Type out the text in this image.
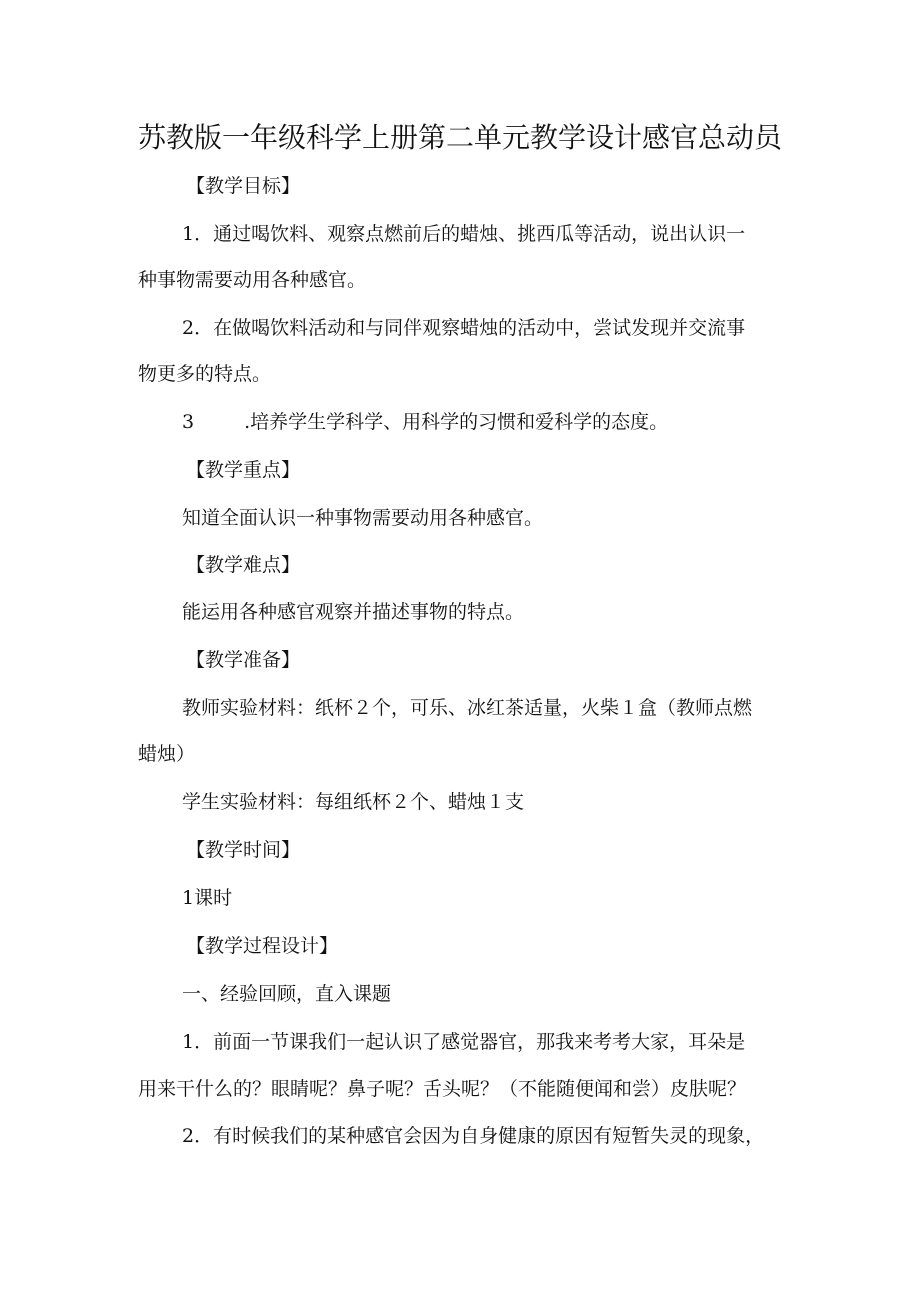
苏教版一年级科学上册第二单元教学设计感官总动员
【教学目标】
1．通过喝饮料、观察点燃前后的蜡烛、挑西瓜等活动，说出认识一
种事物需要动用各种感官。
2．在做喝饮料活动和与同伴观察蜡烛的活动中，尝试发现并交流事
物更多的特点。
3	.培养学生学科学、用科学的习惯和爱科学的态度。
【教学重点】
知道全面认识一种事物需要动用各种感官。
【教学难点】
能运用各种感官观察并描述事物的特点。
【教学准备】
教师实验材料：纸杯２个，可乐、冰红茶适量，火柴１盒（教师点燃
蜡烛）
学生实验材料：每组纸杯２个、蜡烛１支
【教学时间】
1课时
【教学过程设计】
一、经验回顾，直入课题
1．前面一节课我们一起认识了感觉器官，那我来考考大家，耳朵是
用来干什么的？眼睛呢？鼻子呢？舌头呢？（不能随便闻和尝）皮肤呢？
2．有时候我们的某种感官会因为自身健康的原因有短暂失灵的现象，
